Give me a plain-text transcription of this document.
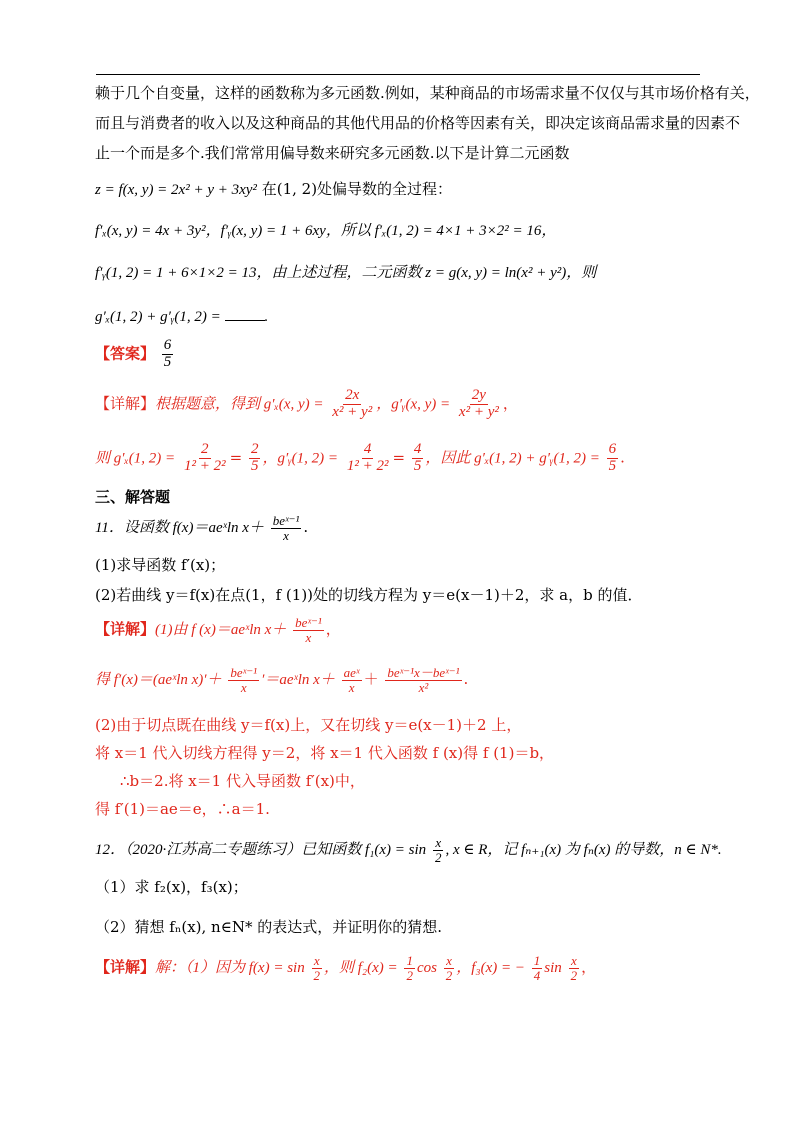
赖于几个自变量，这样的函数称为多元函数.例如，某种商品的市场需求量不仅仅与其市场价格有关，
而且与消费者的收入以及这种商品的其他代用品的价格等因素有关，即决定该商品需求量的因素不
止一个而是多个.我们常常用偏导数来研究多元函数.以下是计算二元函数
z = f(x, y) = 2x² + y + 3xy² 在(1, 2)处偏导数的全过程：
f′ₓ(x, y) = 4x + 3y²，f′ᵧ(x, y) = 1 + 6xy，所以 f′ₓ(1, 2) = 4×1 + 3×2² = 16，
f′ᵧ(1, 2) = 1 + 6×1×2 = 13，由上述过程，二元函数 z = g(x, y) = ln(x² + y²)，则
g′ₓ(1, 2) + g′ᵧ(1, 2) =	.
【答案】 $\frac{6}{5}$
【详解】根据题意，得到 g′ₓ(x, $y) = \frac{2x}{\text{x² + y²}}$ ，g′ᵧ(x, $y) = \frac{2y}{\text{x² + y²}}$ ，
则 g′ₓ(1, $2) = \frac{2}{\text{1² + 2²}} = \frac{2}{5}$ ，g′ᵧ(1, $2) = \frac{4}{\text{1² + 2²}} = \frac{4}{5}$ ，因此 g′ₓ(1, 2) + g′ᵧ(1, $2) = \frac{6}{5}$ .
三、解答题
11．设函数 f(x)＝aeˣln $x+ \frac{\text{beˣ⁻¹}}{x}$ .
(1)求导函数 f′(x)；
(2)若曲线 y＝f(x)在点(1，f (1))处的切线方程为 y＝e(x－1)＋2，求 a，b 的值．
【详解】(1)由 f (x)＝aeˣln $x+ \frac{\text{beˣ⁻¹}}{x}$ ，
得 f′(x)＝(aeˣln $x)'+ \frac{\text{beˣ⁻¹}}{x}$ ′＝aeˣln $x+ \frac{\text{aeˣ}}{x} + \frac{\text{beˣ⁻¹x－beˣ⁻¹}}{\text{x²}}$ .
(2)由于切点既在曲线 y＝f(x)上，又在切线 y＝e(x－1)＋2 上，
将 x＝1 代入切线方程得 y＝2，将 x＝1 代入函数 f (x)得 f (1)＝b，
∴b＝2.将 x＝1 代入导函数 f′(x)中，
得 f′(1)＝ae＝e，∴a＝1.
12．（2020·江苏高二专题练习）已知函数 $f_1(x) = \sin \frac{x}{2}$ , x ∈ R，记 fₙ₊₁(x) 为 fₙ(x) 的导数，n ∈ N*.
（1）求 f₂(x)，f₃(x)；
（2）猜想 fₙ(x), n∈N* 的表达式，并证明你的猜想.
【详解】解：（1）因为 $f(x) = \sin \frac{x}{2}$ ，则 $f_2(x) = \frac{1}{2}$ $\cos \frac{x}{2}$ ，f₃(x) = − $\frac{1}{4}$ $\sin \frac{x}{2}$ ，
